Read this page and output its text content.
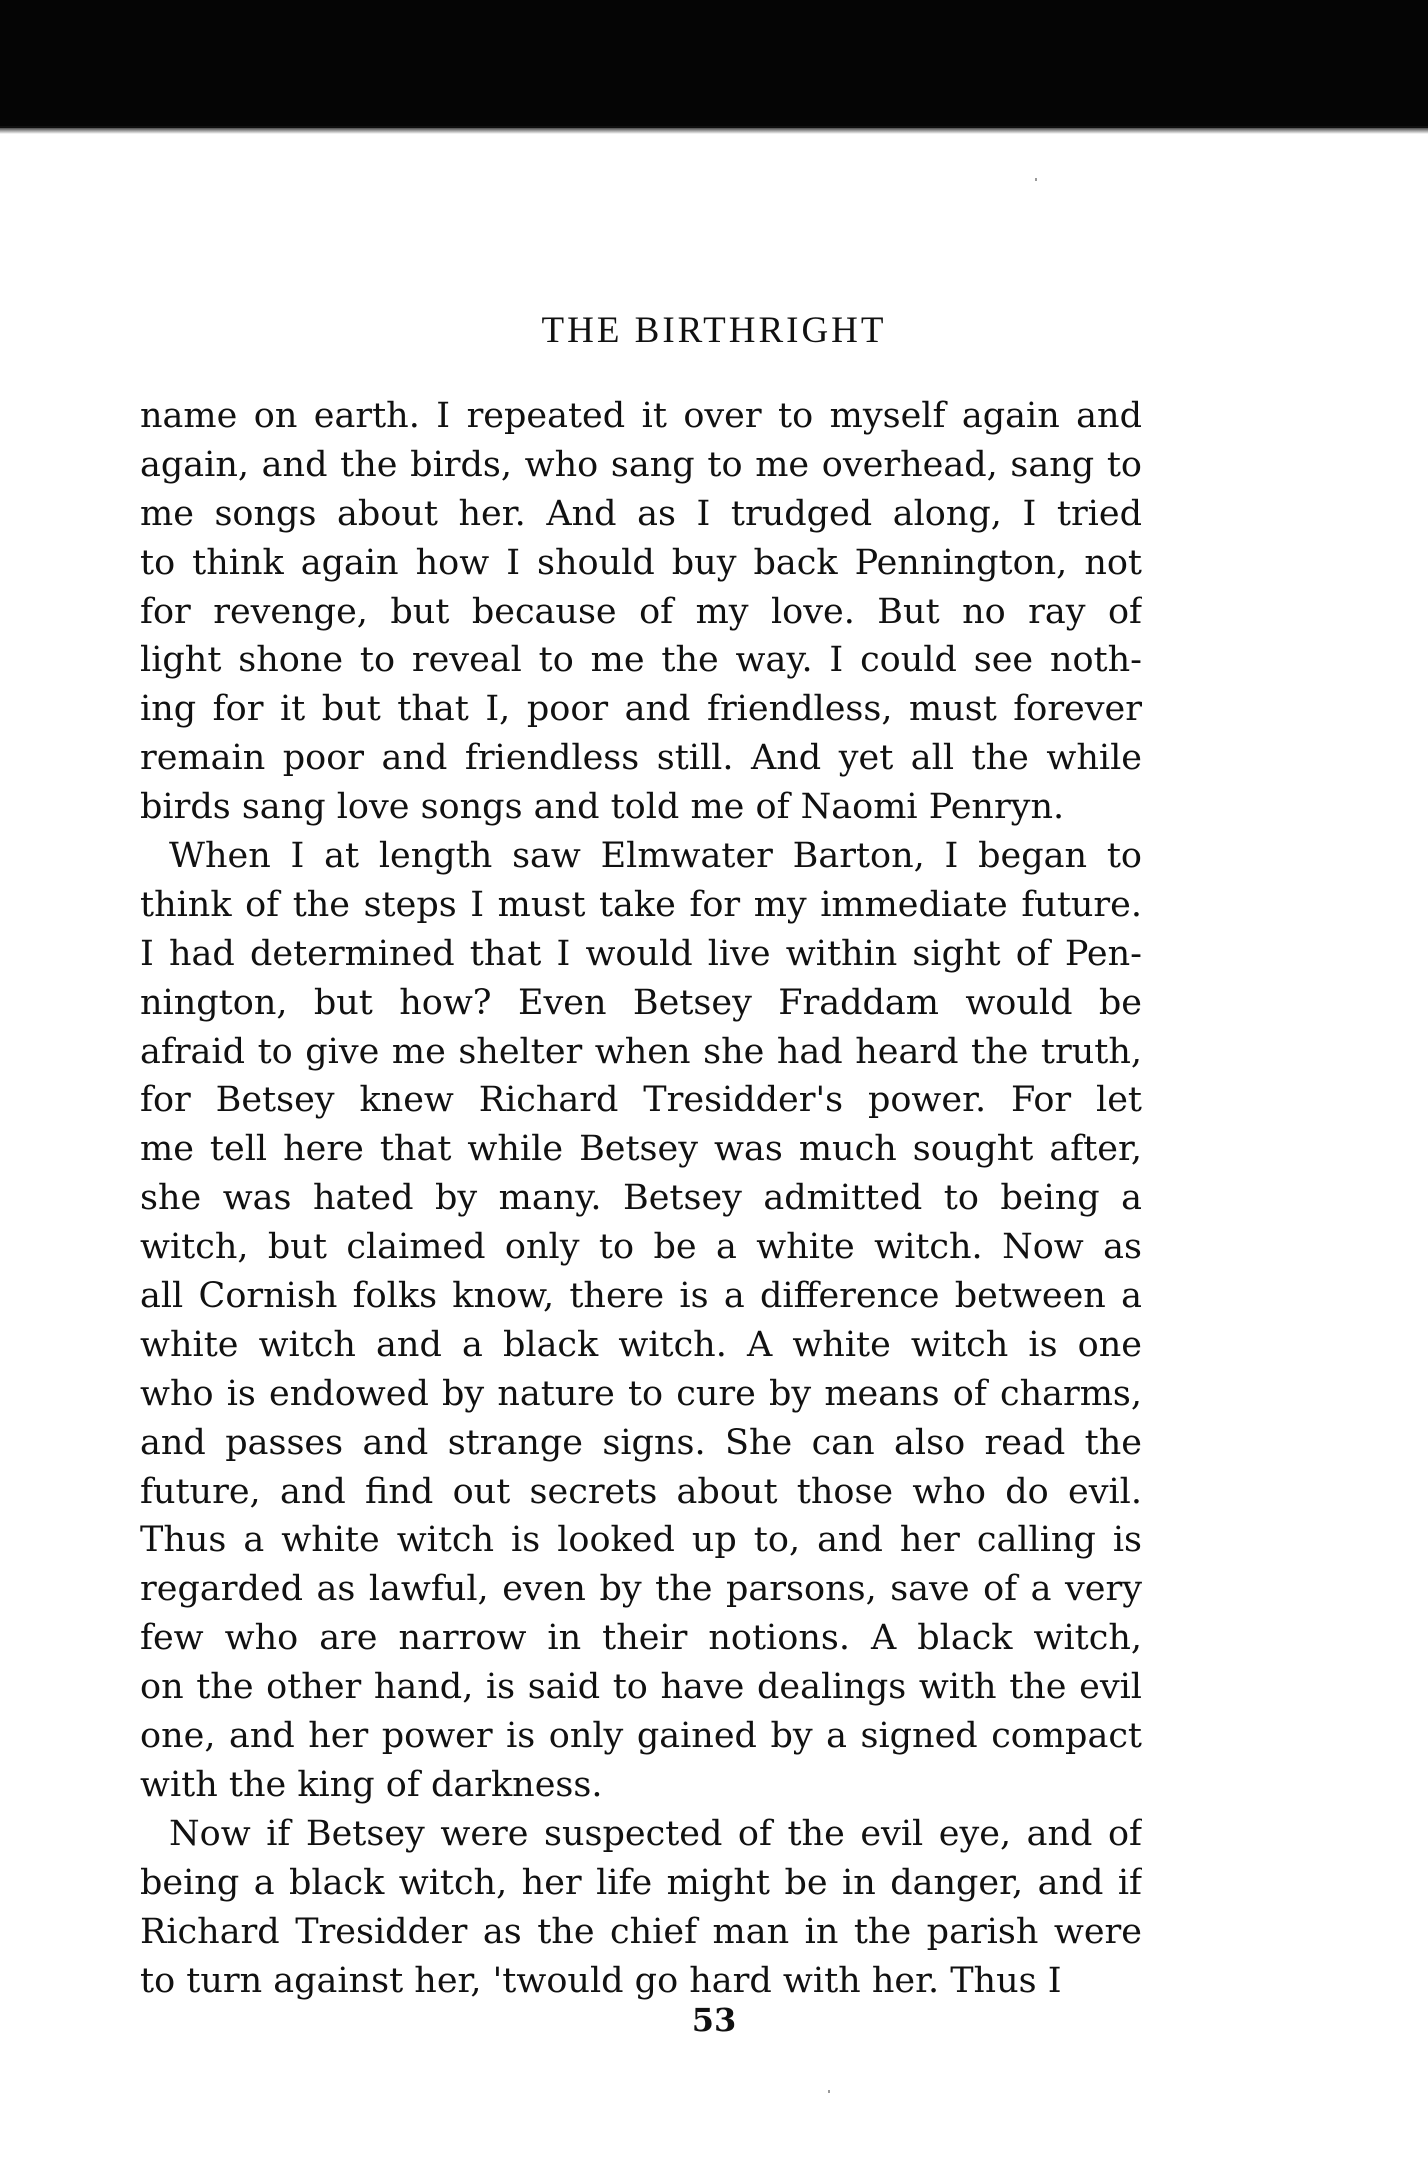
THE BIRTHRIGHT
name on earth. I repeated it over to myself again and
again, and the birds, who sang to me overhead, sang to
me songs about her. And as I trudged along, I tried
to think again how I should buy back Pennington, not
for revenge, but because of my love. But no ray of
light shone to reveal to me the way. I could see noth-
ing for it but that I, poor and friendless, must forever
remain poor and friendless still. And yet all the while
birds sang love songs and told me of Naomi Penryn.
When I at length saw Elmwater Barton, I began to
think of the steps I must take for my immediate future.
I had determined that I would live within sight of Pen-
nington, but how? Even Betsey Fraddam would be
afraid to give me shelter when she had heard the truth,
for Betsey knew Richard Tresidder's power. For let
me tell here that while Betsey was much sought after,
she was hated by many. Betsey admitted to being a
witch, but claimed only to be a white witch. Now as
all Cornish folks know, there is a difference between a
white witch and a black witch. A white witch is one
who is endowed by nature to cure by means of charms,
and passes and strange signs. She can also read the
future, and find out secrets about those who do evil.
Thus a white witch is looked up to, and her calling is
regarded as lawful, even by the parsons, save of a very
few who are narrow in their notions. A black witch,
on the other hand, is said to have dealings with the evil
one, and her power is only gained by a signed compact
with the king of darkness.
Now if Betsey were suspected of the evil eye, and of
being a black witch, her life might be in danger, and if
Richard Tresidder as the chief man in the parish were
to turn against her, 'twould go hard with her. Thus I
53
